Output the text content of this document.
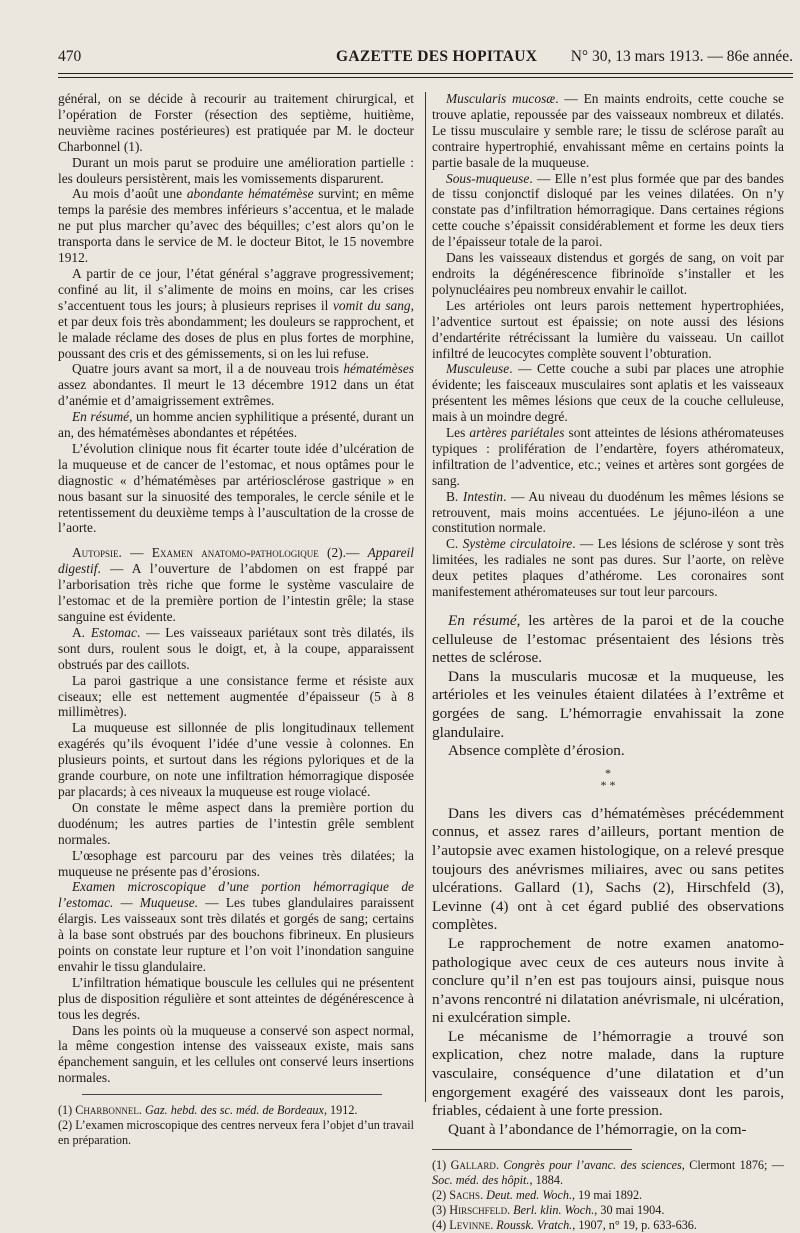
470	GAZETTE DES HOPITAUX N° 30, 13 mars 1913. — 86e année.

général, on se décide à recourir au traitement chirurgical, et l’opération de Forster (résection des septième, huitième, neuvième racines postérieures) est pratiquée par M. le docteur Charbonnel (1).

Durant un mois parut se produire une amélioration partielle : les douleurs persistèrent, mais les vomissements disparurent.

Au mois d’août une abondante hématémèse survint; en même temps la parésie des membres inférieurs s’accentua, et le malade ne put plus marcher qu’avec des béquilles; c’est alors qu’on le transporta dans le service de M. le docteur Bitot, le 15 novembre 1912.

A partir de ce jour, l’état général s’aggrave progressivement; confiné au lit, il s’alimente de moins en moins, car les crises s’accentuent tous les jours; à plusieurs reprises il vomit du sang, et par deux fois très abondamment; les douleurs se rapprochent, et le malade réclame des doses de plus en plus fortes de morphine, poussant des cris et des gémissements, si on les lui refuse.

Quatre jours avant sa mort, il a de nouveau trois hématémèses assez abondantes. Il meurt le 13 décembre 1912 dans un état d’anémie et d’amaigrissement extrêmes.

En résumé, un homme ancien syphilitique a présenté, durant un an, des hématémèses abondantes et répétées.

L’évolution clinique nous fit écarter toute idée d’ulcération de la muqueuse et de cancer de l’estomac, et nous optâmes pour le diagnostic « d’hématémèses par artériosclérose gastrique » en nous basant sur la sinuosité des temporales, le cercle sénile et le retentissement du deuxième temps à l’auscultation de la crosse de l’aorte.

Autopsie. — Examen anatomo-pathologique (2).— Appareil digestif. — A l’ouverture de l’abdomen on est frappé par l’arborisation très riche que forme le système vasculaire de l’estomac et de la première portion de l’intestin grêle; la stase sanguine est évidente.

A. Estomac. — Les vaisseaux pariétaux sont très dilatés, ils sont durs, roulent sous le doigt, et, à la coupe, apparaissent obstrués par des caillots.

La paroi gastrique a une consistance ferme et résiste aux ciseaux; elle est nettement augmentée d’épaisseur (5 à 8 millimètres).

La muqueuse est sillonnée de plis longitudinaux tellement exagérés qu’ils évoquent l’idée d’une vessie à colonnes. En plusieurs points, et surtout dans les régions pyloriques et de la grande courbure, on note une infiltration hémorragique disposée par placards; à ces niveaux la muqueuse est rouge violacé.

On constate le même aspect dans la première portion du duodénum; les autres parties de l’intestin grêle semblent normales.

L’œsophage est parcouru par des veines très dilatées; la muqueuse ne présente pas d’érosions.

Examen microscopique d’une portion hémorragique de l’estomac. — Muqueuse. — Les tubes glandulaires paraissent élargis. Les vaisseaux sont très dilatés et gorgés de sang; certains à la base sont obstrués par des bouchons fibrineux. En plusieurs points on constate leur rupture et l’on voit l’inondation sanguine envahir le tissu glandulaire.

L’infiltration hématique bouscule les cellules qui ne présentent plus de disposition régulière et sont atteintes de dégénérescence à tous les degrés.

Dans les points où la muqueuse a conservé son aspect normal, la même congestion intense des vaisseaux existe, mais sans épanchement sanguin, et les cellules ont conservé leurs insertions normales.

(1) Charbonnel. Gaz. hebd. des sc. méd. de Bordeaux, 1912.

(2) L’examen microscopique des centres nerveux fera l’objet d’un travail en préparation.

Muscularis mucosæ. — En maints endroits, cette couche se trouve aplatie, repoussée par des vaisseaux nombreux et dilatés. Le tissu musculaire y semble rare; le tissu de sclérose paraît au contraire hypertrophié, envahissant même en certains points la partie basale de la muqueuse.

Sous-muqueuse. — Elle n’est plus formée que par des bandes de tissu conjonctif disloqué par les veines dilatées. On n’y constate pas d’infiltration hémorragique. Dans certaines régions cette couche s’épaissit considérablement et forme les deux tiers de l’épaisseur totale de la paroi.

Dans les vaisseaux distendus et gorgés de sang, on voit par endroits la dégénérescence fibrinoïde s’installer et les polynucléaires peu nombreux envahir le caillot.

Les artérioles ont leurs parois nettement hypertrophiées, l’adventice surtout est épaissie; on note aussi des lésions d’endartérite rétrécissant la lumière du vaisseau. Un caillot infiltré de leucocytes complète souvent l’obturation.

Musculeuse. — Cette couche a subi par places une atrophie évidente; les faisceaux musculaires sont aplatis et les vaisseaux présentent les mêmes lésions que ceux de la couche celluleuse, mais à un moindre degré.

Les artères pariétales sont atteintes de lésions athéromateuses typiques : prolifération de l’endartère, foyers athéromateux, infiltration de l’adventice, etc.; veines et artères sont gorgées de sang.

B. Intestin. — Au niveau du duodénum les mêmes lésions se retrouvent, mais moins accentuées. Le jéjuno-iléon a une constitution normale.

C. Système circulatoire. — Les lésions de sclérose y sont très limitées, les radiales ne sont pas dures. Sur l’aorte, on relève deux petites plaques d’athérome. Les coronaires sont manifestement athéromateuses sur tout leur parcours.

En résumé, les artères de la paroi et de la couche celluleuse de l’estomac présentaient des lésions très nettes de sclérose.

Dans la muscularis mucosæ et la muqueuse, les artérioles et les veinules étaient dilatées à l’extrême et gorgées de sang. L’hémorragie envahissait la zone glandulaire.

Absence complète d’érosion.

*
* *

Dans les divers cas d’hématémèses précédemment connus, et assez rares d’ailleurs, portant mention de l’autopsie avec examen histologique, on a relevé presque toujours des anévrismes miliaires, avec ou sans petites ulcérations. Gallard (1), Sachs (2), Hirschfeld (3), Levinne (4) ont à cet égard publié des observations complètes.

Le rapprochement de notre examen anatomo-pathologique avec ceux de ces auteurs nous invite à conclure qu’il n’en est pas toujours ainsi, puisque nous n’avons rencontré ni dilatation anévrismale, ni ulcération, ni exulcération simple.

Le mécanisme de l’hémorragie a trouvé son explication, chez notre malade, dans la rupture vasculaire, conséquence d’une dilatation et d’un engorgement exagéré des vaisseaux dont les parois, friables, cédaient à une forte pression.

Quant à l’abondance de l’hémorragie, on la com-

(1) Gallard. Congrès pour l’avanc. des sciences, Clermont 1876; — Soc. méd. des hôpit., 1884.

(2) Sachs. Deut. med. Woch., 19 mai 1892.

(3) Hirschfeld. Berl. klin. Woch., 30 mai 1904.

(4) Levinne. Roussk. Vratch., 1907, n° 19, p. 633-636.
